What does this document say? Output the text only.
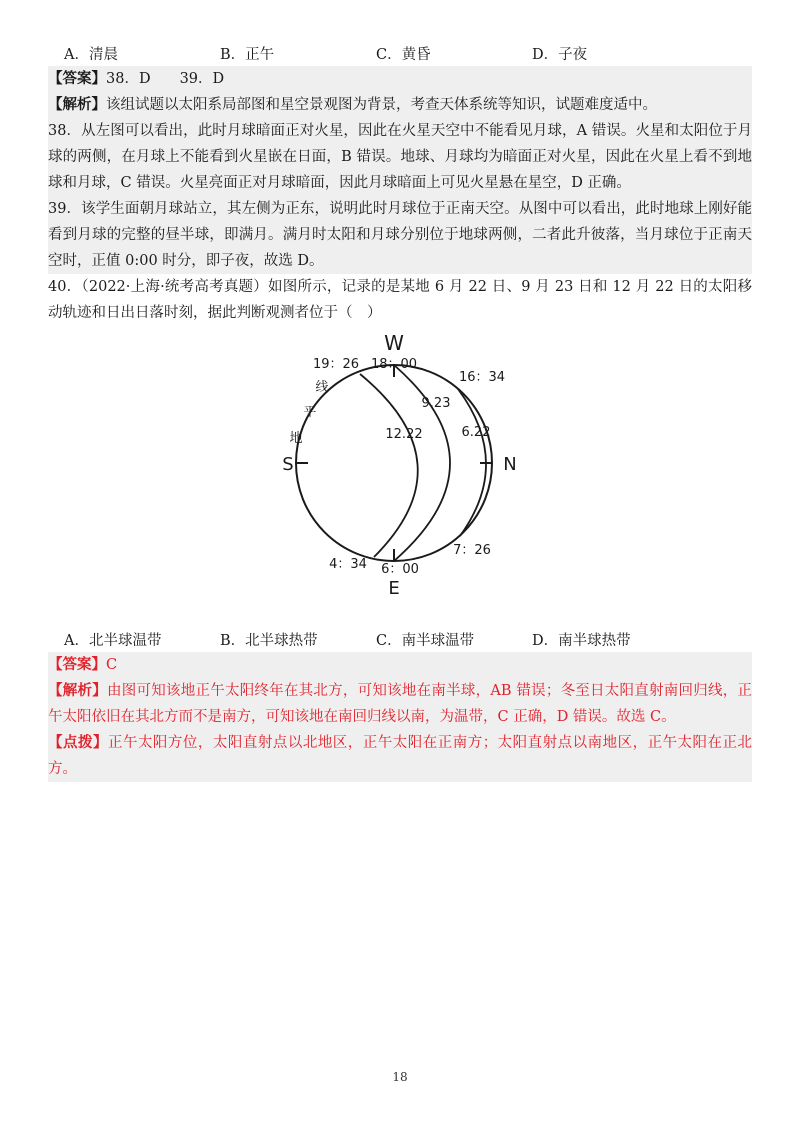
A．清晨	B．正午	C．黄昏	D．子夜
【答案】38．D　　39．D
【解析】该组试题以太阳系局部图和星空景观图为背景，考查天体系统等知识，试题难度适中。
38．从左图可以看出，此时月球暗面正对火星，因此在火星天空中不能看见月球，A 错误。火星和太阳位于月球的两侧，在月球上不能看到火星嵌在日面，B 错误。地球、月球均为暗面正对火星，因此在火星上看不到地球和月球，C 错误。火星亮面正对月球暗面，因此月球暗面上可见火星悬在星空，D 正确。
39．该学生面朝月球站立，其左侧为正东，说明此时月球位于正南天空。从图中可以看出，此时地球上刚好能看到月球的完整的昼半球，即满月。满月时太阳和月球分别位于地球两侧，二者此升彼落，当月球位于正南天空时，正值 0:00 时分，即子夜，故选 D。
40．（2022·上海·统考高考真题）如图所示，记录的是某地 6 月 22 日、9 月 23 日和 12 月 22 日的太阳移动轨迹和日出日落时刻，据此判断观测者位于（　）
W
E
S	N
19：26 18：00
16：34
4：34 6：00
7：26
9.23
12.22	6.22
线
平
地
A．北半球温带	B．北半球热带	C．南半球温带	D．南半球热带
【答案】C
【解析】由图可知该地正午太阳终年在其北方，可知该地在南半球，AB 错误；冬至日太阳直射南回归线，正午太阳依旧在其北方而不是南方，可知该地在南回归线以南，为温带，C 正确，D 错误。故选 C。
【点拨】正午太阳方位，太阳直射点以北地区，正午太阳在正南方；太阳直射点以南地区，正午太阳在正北方。
18
